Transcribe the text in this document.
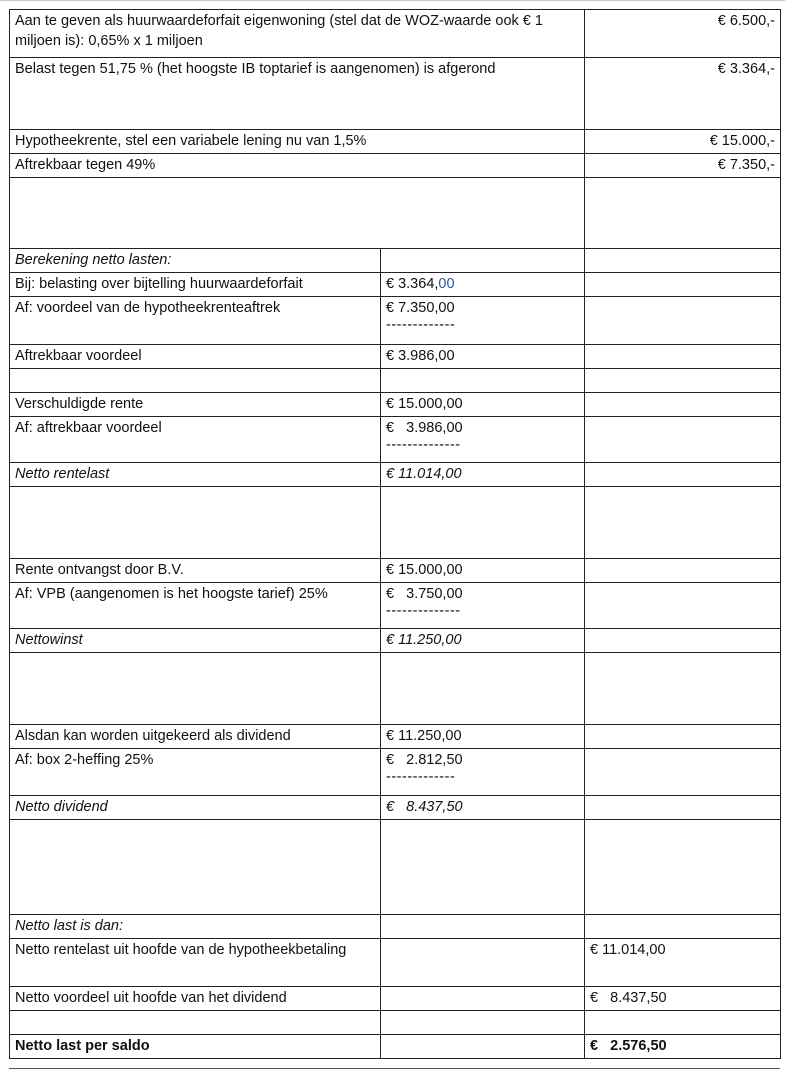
Aan te geven als huurwaardeforfait eigenwoning (stel dat de WOZ-waarde ook € 1 miljoen is): 0,65% x 1 miljoen		€ 6.500,-
Belast tegen 51,75 % (het hoogste IB toptarief is aangenomen) is afgerond		€ 3.364,-
Hypotheekrente, stel een variabele lening nu van 1,5%		€ 15.000,-
Aftrekbaar tegen 49%		€ 7.350,-

Berekening netto lasten:		
Bij: belasting over bijtelling huurwaardeforfait	€ 3.364,00	
Af: voordeel van de hypotheekrenteaftrek	€ 7.350,00
-------------	

Aftrekbaar voordeel	€ 3.986,00	

Verschuldigde rente	€ 15.000,00	
Af: aftrekbaar voordeel	€   3.986,00
--------------	

Netto rentelast	€ 11.014,00	

Rente ontvangst door B.V.	€ 15.000,00	
Af: VPB (aangenomen is het hoogste tarief) 25%	€   3.750,00
--------------	

Nettowinst	€ 11.250,00	

Alsdan kan worden uitgekeerd als dividend	€ 11.250,00	
Af: box 2-heffing 25%	€   2.812,50
-------------	

Netto dividend	€   8.437,50	

Netto last is dan:		
Netto rentelast uit hoofde van de hypotheekbetaling		€ 11.014,00
Netto voordeel uit hoofde van het dividend		€   8.437,50

Netto last per saldo		€   2.576,50
